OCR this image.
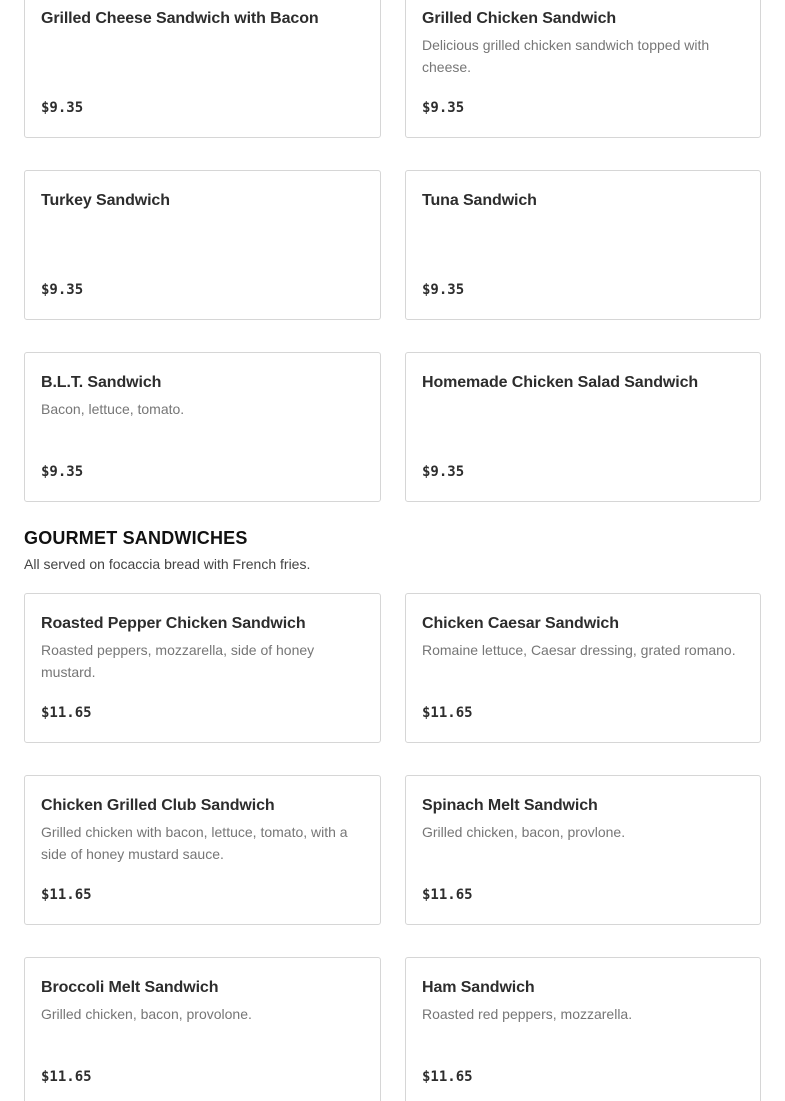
Grilled Cheese Sandwich with Bacon
$9.35
Grilled Chicken Sandwich
Delicious grilled chicken sandwich topped with cheese.
$9.35
Turkey Sandwich
$9.35
Tuna Sandwich
$9.35
B.L.T. Sandwich
Bacon, lettuce, tomato.
$9.35
Homemade Chicken Salad Sandwich
$9.35
GOURMET SANDWICHES

All served on focaccia bread with French fries.

Roasted Pepper Chicken Sandwich
Roasted peppers, mozzarella, side of honey mustard.
$11.65
Chicken Caesar Sandwich
Romaine lettuce, Caesar dressing, grated romano.
$11.65
Chicken Grilled Club Sandwich
Grilled chicken with bacon, lettuce, tomato, with a side of honey mustard sauce.
$11.65
Spinach Melt Sandwich
Grilled chicken, bacon, provlone.
$11.65
Broccoli Melt Sandwich
Grilled chicken, bacon, provolone.
$11.65
Ham Sandwich
Roasted red peppers, mozzarella.
$11.65
